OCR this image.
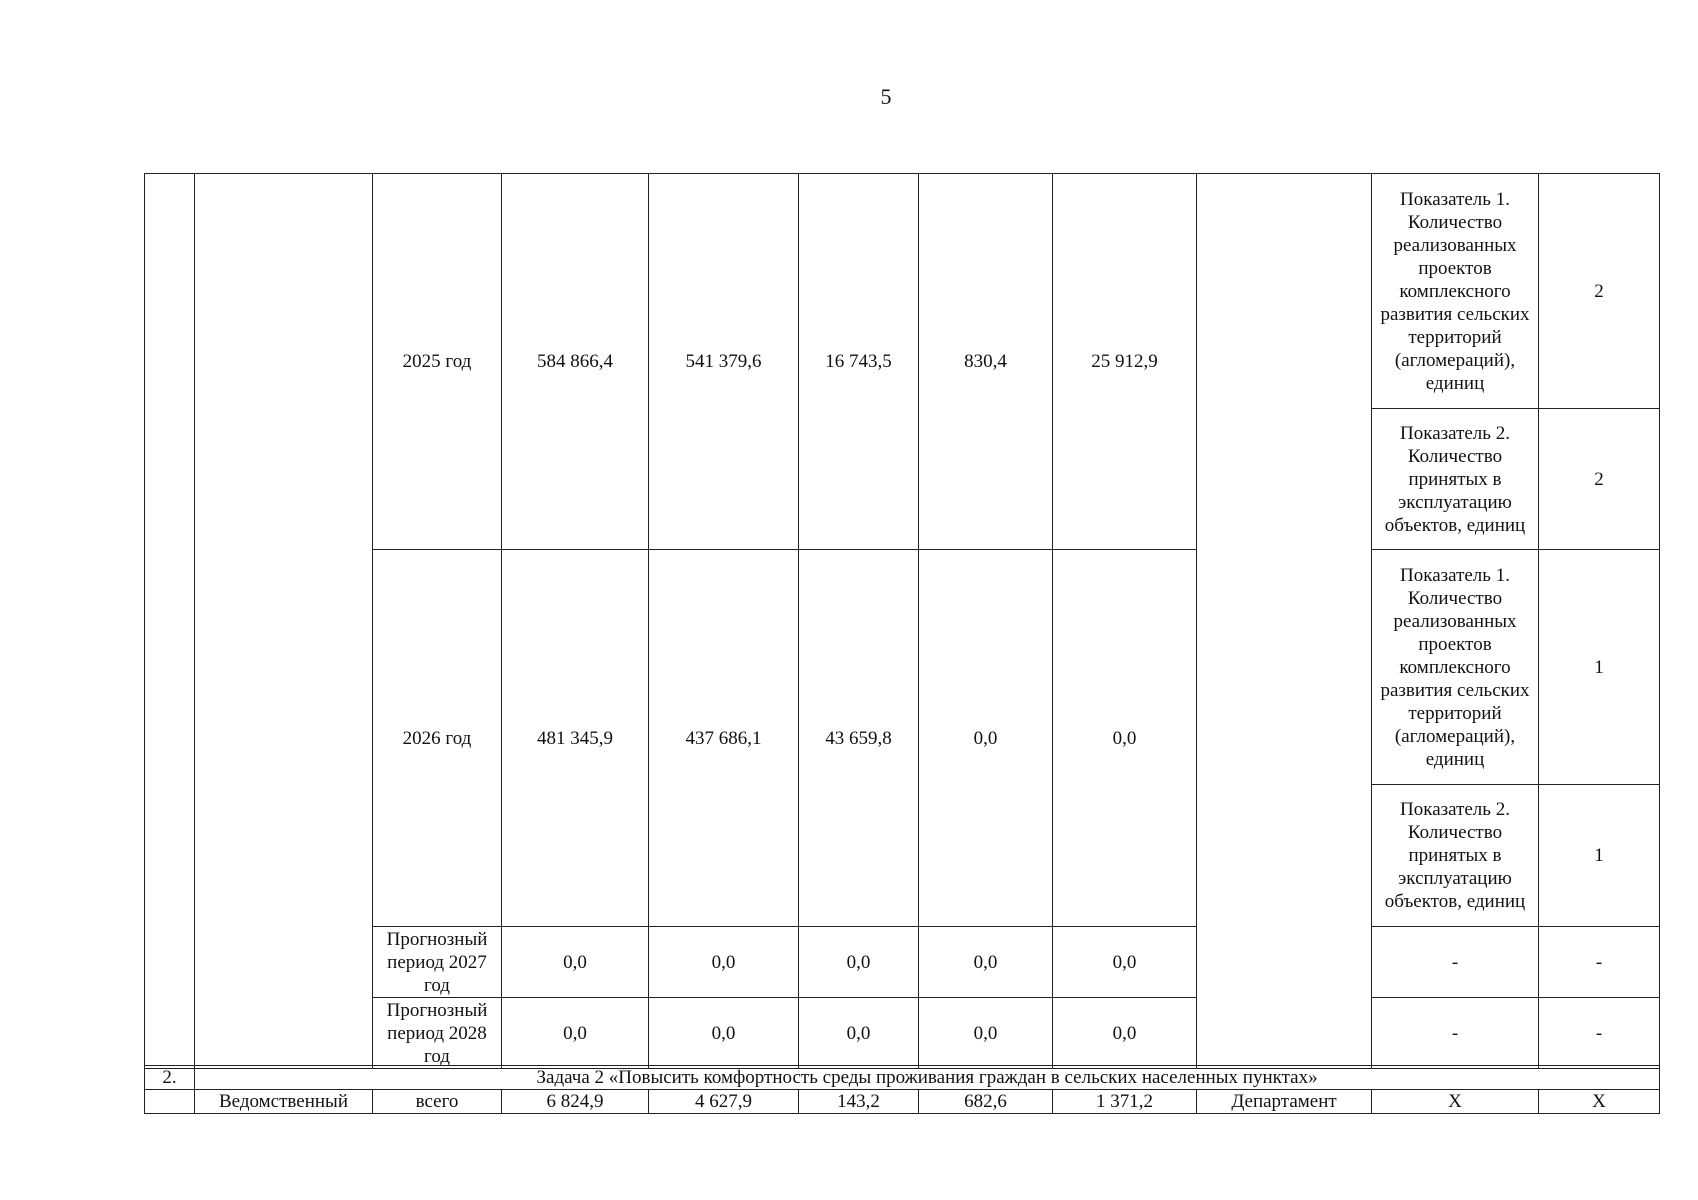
5
		2025 год	584 866,4	541 379,6	16 743,5	830,4	25 912,9		Показатель 1. Количество реализованных проектов комплексного развития сельских территорий (агломераций), единиц	2
									Показатель 2. Количество принятых в эксплуатацию объектов, единиц	2
		2026 год	481 345,9	437 686,1	43 659,8	0,0	0,0		Показатель 1. Количество реализованных проектов комплексного развития сельских территорий (агломераций), единиц	1
									Показатель 2. Количество принятых в эксплуатацию объектов, единиц	1
		Прогнозный период 2027 год	0,0	0,0	0,0	0,0	0,0		-	-
		Прогнозный период 2028 год	0,0	0,0	0,0	0,0	0,0		-	-
2.	Задача 2 «Повысить комфортность среды проживания граждан в сельских населенных пунктах»									
	Ведомственный	всего	6 824,9	4 627,9	143,2	682,6	1 371,2	Департамент	Х	Х
